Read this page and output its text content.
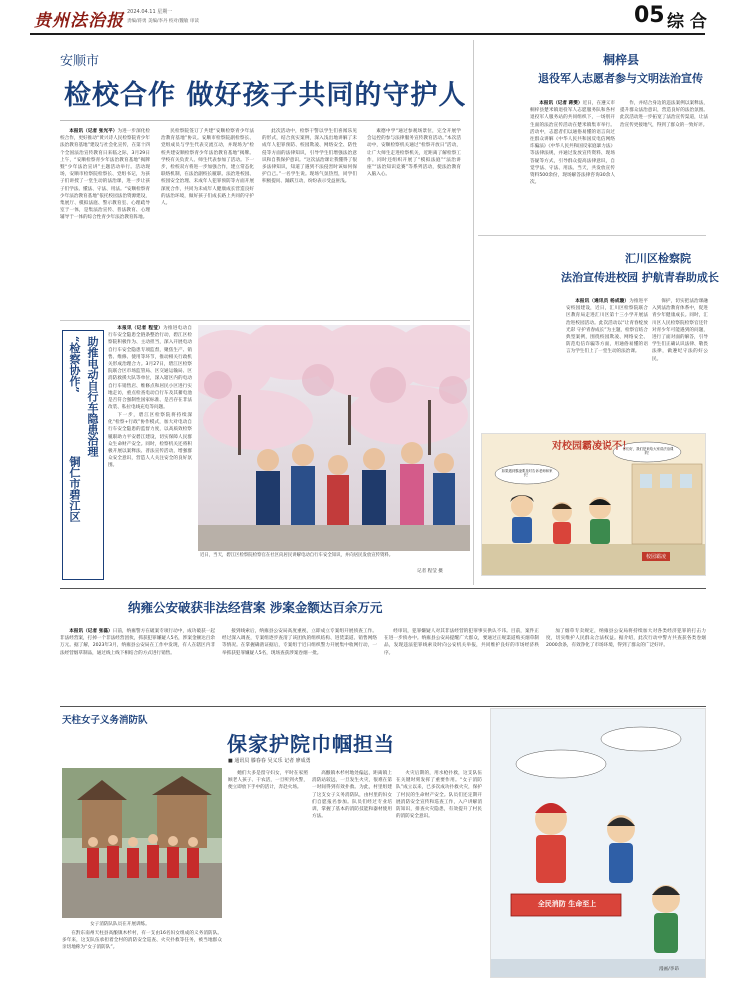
贵州法治报 2024.04.11 星期一
责编/蒋勇 美编/李丹 校对/魏敏 审读	05 综 合
安顺市
检校合作 做好孩子共同的守护人

本报讯（记者 张光平）为进一步深化检校合作，更好推动“黄兴诗人民检察院青少年法治教育基地”建设与社会化宣传，在第十四个全国法治宣传教育日来临之际，3月29日上午，“安顺检察青少年法治教育基地”揭牌暨“少年法治宣讲”主题活动举行。活动现场，安顺市检察院检察长、党组书记，为孩子们讲授了一堂生动的法治课，进一步让孩子们学法、懂法、守法、用法。“安顺检察青少年法治教育基地”依托校园法治资源建设，集展厅、模拟法庭、警示教育室、心理疏导室于一体，是集法治宣传、普法教育、心理辅导于一体的综合性青少年法治教育阵地。

民检察院签订了共建“安顺检察青少年法治教育基地”协议。安顺市检察院副检察长、党组成员与学生代表交流互动，并现场为“检校共建安顺检察青少年法治教育基地”揭牌。学校有关负责人、师生代表参加了活动。下一步，检校双方将进一步加强合作，建立常态化联络机制，在法治副校长履职、法治进校园、校园安全治理、未成年人犯罪预防等方面开展深度合作，共同为未成年人健康成长营造良好的法治环境，做好孩子们成长路上共同的守护人。

此次活动中，检察干警以学生们喜闻乐见的形式，结合真实案例，深入浅出地讲解了未成年人犯罪预防、校园欺凌、网络安全、防性侵等方面的法律知识，引导学生们增强法治意识和自我保护意识。“这次法治课让我懂得了很多法律知识，知道了遇到不法侵害时该如何保护自己。”一名学生说。现场气氛热烈，同学们积极提问、踊跃互动，纷纷表示受益匪浅。

素德中学“通过参观场景位，完全开展学会运控的参与法律服务宣传教育活动。”本次活动中，安顺检察机关通过“检察开放日”活动，让广大师生走进检察机关，近距离了解检察工作，同时还组织开展了“模拟法庭”“法治讲座”“法治知识竞赛”等系列活动，使法治教育入脑入心。

桐梓县
退役军人志愿者参与文明法治宣传

本报讯（记者 蒋雯）近日，在遵义市桐梓县楚米镇退役军人志愿服务队和各村退役军人服务站的共同组织下，一场别开生面的法治宣传活动在楚米镇集市举行。活动中，志愿者们以通俗易懂的语言向过往群众讲解《中华人民共和国反电信网络诈骗法》《中华人民共和国反家庭暴力法》等法律法规，并通过发放宣传资料、现场答疑等方式，引导群众提高法律意识，自觉学法、守法、用法。当天，共发放宣传资料500余份，现场解答法律咨询30余人次。

作，并结合身边的违法案例以案释法，提升群众法治意识，营造良好的法治氛围。此次活动进一步拓宽了法治宣传渠道，让法治宣传更接地气，得到了群众的一致好评。

汇川区检察院
法治宣传进校园 护航青春助成长

本报讯（通讯员 杨成璇）为推进平安校园建设，近日，汇川区检察院联合区教育局走进汇川区第十三小学开展法治进校园活动。此次活动以“让青春绽放光彩 守护青春成长”为主题，检察官结合典型案例，围绕校园欺凌、网络安全、防范电信诈骗等方面，用通俗易懂的语言为学生们上了一堂生动的法治课。

保护，切实把法治课融入到法治教育体系中，促进青少年健康成长。同时，汇川区人民检察院检察官还针对青少年可能遇到的问题，进行了面对面的解答，引导学生们正确认识法律、敬畏法律，做遵纪守法的好公民。

对校园霸凌说不！
你们好，我们是来给大家讲法治课的！
如果遇到霸凌要及时告诉老师和家长！
校园霸凌
“检察协作” 助推电动自行车隐患治理
铜仁市碧江区

本报讯（记者 程莹）为推进电动自行车安全隐患全链条整治行动，碧江区检察院积极作为、主动担当，深入开展电动自行车安全隐患专项监督，聚焦生产、销售、维修、使用等环节，推动相关行政机关形成治理合力。3月27日，碧江区检察院联合区市场监管局、区交通运输局、区消防救援大队等单位，深入辖区内的电动自行车销售店、维修点和居民小区进行实地走访，重点检查电动自行车及其蓄电池是否符合强制性国家标准、是否存在非法改装、私拉电线充电等问题。

下一步，碧江区检察院将持续深化“检察+行政”协作模式，加大对电动自行车安全隐患的监督力度，以高质效检察履职助力平安碧江建设，切实保障人民群众生命财产安全。同时，检察机关还将积极开展以案释法、普法宣传活动，增强群众安全意识，营造人人关注安全的良好氛围。

近日，当天，碧江区检察院检察官在社区向居民讲解电动自行车安全知识，并向居民发放宣传资料。
记者 程莹 摄
纳雍公安破获非法经营案 涉案金额达百余万元

本报讯（记者 张磊）日前，纳雍警方在破案专项行动中，成功破获一起非法经营案，打掉一个非法经营团伙，抓获犯罪嫌疑人5名，涉案金额达百余万元。据了解，2023年3月，纳雍县公安局在工作中发现，有人在辖区内非法经营烟草制品，通过线上线下相结合的方式进行销售。

接到线索后，纳雍县公安局高度重视，立即成立专案组开展侦查工作。经过深入调查，专案组逐步查清了该团伙的组织结构、进货渠道、销售网络等情况。在掌握确凿证据后，专案组于近日组织警力开展集中收网行动，一举抓获犯罪嫌疑人5名，现场查获涉案卷烟一批。

经审讯，犯罪嫌疑人对其非法经营的犯罪事实供认不讳。目前，案件正在进一步侦办中。纳雍县公安局提醒广大群众，要通过正规渠道购买烟草制品，发现违法犯罪线索及时向公安机关举报，共同维护良好的市场经济秩序。

加了烟草专卖规定，纳雍县公安局将持续加大对各类经济犯罪的打击力度，切实维护人民群众合法权益。据介绍，此次行动中警方共查获各类卷烟2000余条，有效净化了市场环境，得到了群众的广泛好评。

天柱女子义务消防队
保家护院巾帼担当
■ 通讯员 滕春春 吴义乐 记者 廖成勇
女子消防队队员在开展训练。

在黔东南州天柱县高酿镇木杉村，有一支由16名妇女组成的义务消防队。多年来，这支队伍承担着全村的消防安全巡查、火灾扑救等任务，被当地群众亲切地称为“女子消防队”。

她们大多是留守妇女，平时在家照顾老人孩子、干农活，一旦听到火警，便立即放下手中的活计，奔赴火场。

高酿镇木杉村地处偏远，距离镇上消防站较远，一旦发生火灾，很难在第一时间得到有效扑救。为此，村里组建了这支女子义务消防队，由村里的妇女们自愿报名参加。队员们经过专业培训，掌握了基本的消防技能和器材使用方法。

火灾后期的，用水枪扑救，这支队伍在关键时刻发挥了重要作用。“女子消防队”成立以来，已多次成功扑救火灾，保护了村民的生命财产安全。队员们还定期开展消防安全宣传和巡查工作，入户讲解消防知识，排查火灾隐患，有效提升了村民的消防安全意识。

全民消防 生命至上
漫画/李昂
